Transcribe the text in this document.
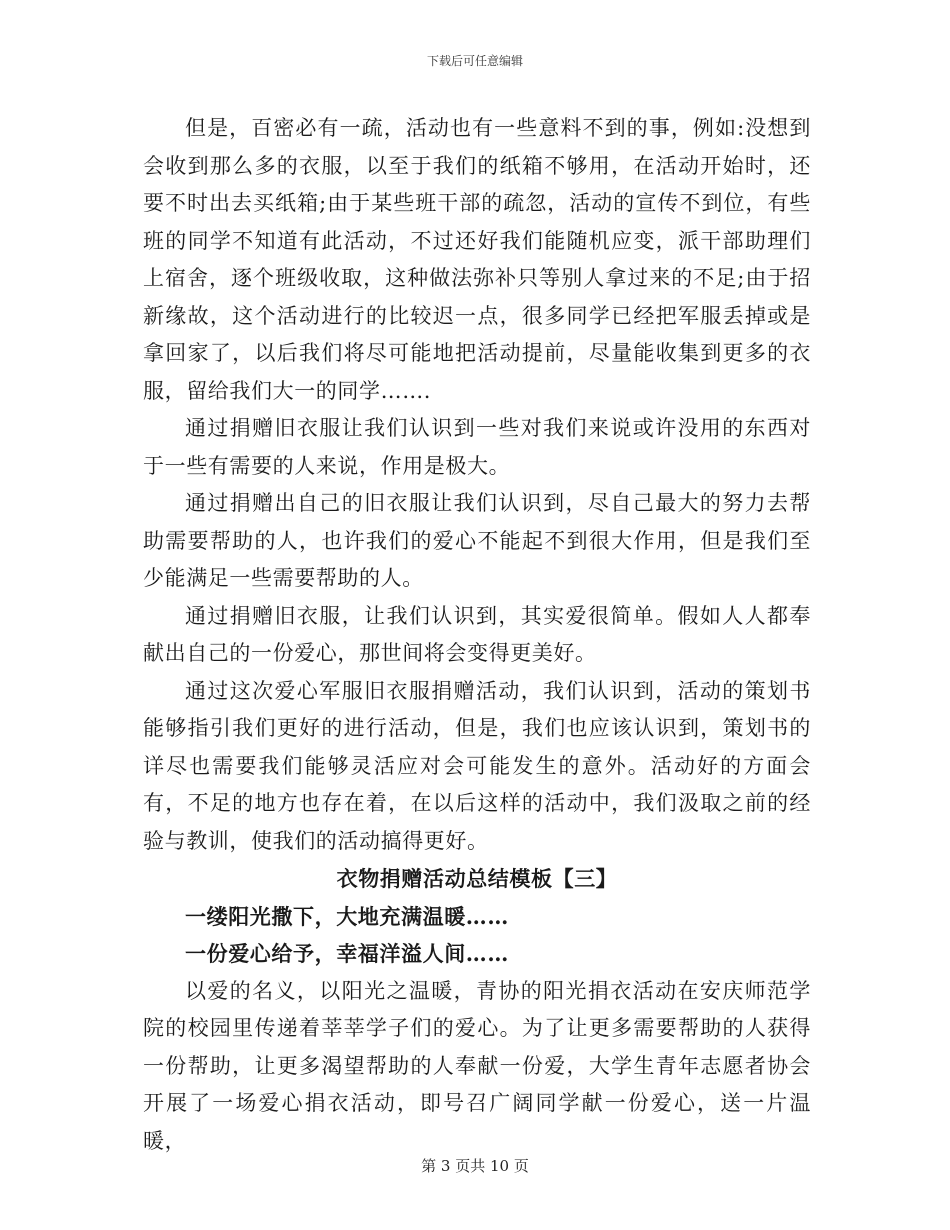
下载后可任意编辑

但是，百密必有一疏，活动也有一些意料不到的事，例如:没想到会收到那么多的衣服，以至于我们的纸箱不够用，在活动开始时，还要不时出去买纸箱;由于某些班干部的疏忽，活动的宣传不到位，有些班的同学不知道有此活动，不过还好我们能随机应变，派干部助理们上宿舍，逐个班级收取，这种做法弥补只等别人拿过来的不足;由于招新缘故，这个活动进行的比较迟一点，很多同学已经把军服丢掉或是拿回家了，以后我们将尽可能地把活动提前，尽量能收集到更多的衣服，留给我们大一的同学…….

通过捐赠旧衣服让我们认识到一些对我们来说或许没用的东西对于一些有需要的人来说，作用是极大。

通过捐赠出自己的旧衣服让我们认识到，尽自己最大的努力去帮助需要帮助的人，也许我们的爱心不能起不到很大作用，但是我们至少能满足一些需要帮助的人。

通过捐赠旧衣服，让我们认识到，其实爱很简单。假如人人都奉献出自己的一份爱心，那世间将会变得更美好。

通过这次爱心军服旧衣服捐赠活动，我们认识到，活动的策划书能够指引我们更好的进行活动，但是，我们也应该认识到，策划书的详尽也需要我们能够灵活应对会可能发生的意外。活动好的方面会有，不足的地方也存在着，在以后这样的活动中，我们汲取之前的经验与教训，使我们的活动搞得更好。

衣物捐赠活动总结模板【三】

一缕阳光撒下，大地充满温暖……

一份爱心给予，幸福洋溢人间……

以爱的名义，以阳光之温暖，青协的阳光捐衣活动在安庆师范学院的校园里传递着莘莘学子们的爱心。为了让更多需要帮助的人获得一份帮助，让更多渴望帮助的人奉献一份爱，大学生青年志愿者协会开展了一场爱心捐衣活动，即号召广阔同学献一份爱心，送一片温暖，

第 3 页共 10 页
